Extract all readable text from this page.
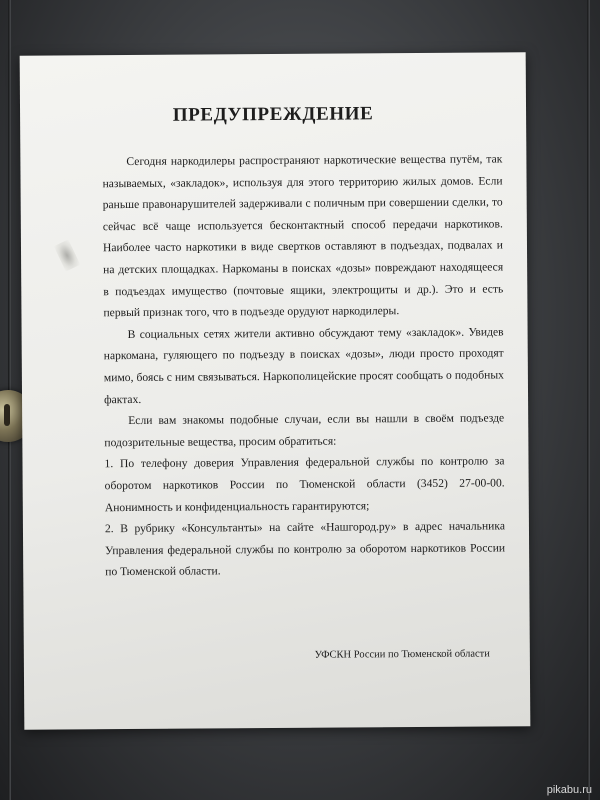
ПРЕДУПРЕЖДЕНИЕ

Сегодня наркодилеры распространяют наркотические вещества путём, так называемых, «закладок», используя для этого территорию жилых домов. Если раньше правонарушителей задерживали с поличным при совершении сделки, то сейчас всё чаще используется бесконтактный способ передачи наркотиков. Наиболее часто наркотики в виде свертков оставляют в подъездах, подвалах и на детских площадках. Наркоманы в поисках «дозы» повреждают находящееся в подъездах имущество (почтовые ящики, электрощиты и др.). Это и есть первый признак того, что в подъезде орудуют наркодилеры.

В социальных сетях жители активно обсуждают тему «закладок». Увидев наркомана, гуляющего по подъезду в поисках «дозы», люди просто проходят мимо, боясь с ним связываться. Наркополицейские просят сообщать о подобных фактах.

Если вам знакомы подобные случаи, если вы нашли в своём подъезде подозрительные вещества, просим обратиться:

1. По телефону доверия Управления федеральной службы по контролю за оборотом наркотиков России по Тюменской области (3452) 27-00-00. Анонимность и конфиденциальность гарантируются;

2. В рубрику «Консультанты» на сайте «Нашгород.ру» в адрес начальника Управления федеральной службы по контролю за оборотом наркотиков России по Тюменской области.

УФСКН России по Тюменской области
pikabu.ru
